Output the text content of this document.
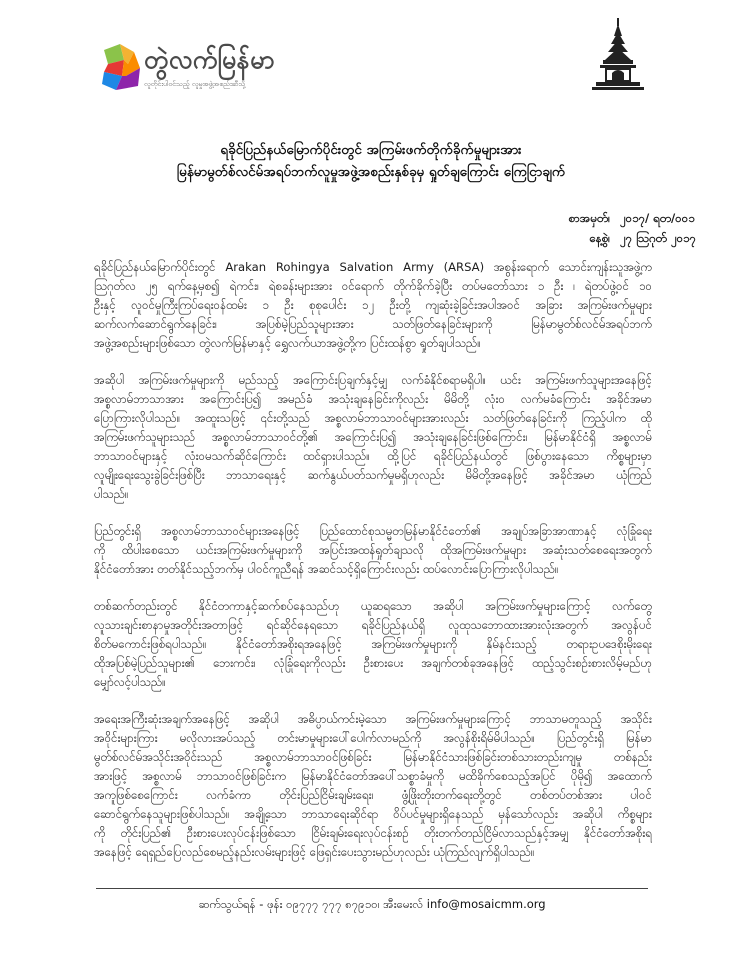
တွဲလက်မြန်မာ
လူတိုင်းပါဝင်သည့် လူမှုအဖွဲ့အစည်းဆီသို့
ရခိုင်ပြည်နယ်မြောက်ပိုင်းတွင် အကြမ်းဖက်တိုက်ခိုက်မှုများအား
မြန်မာမွတ်စ်လင်မ်အရပ်ဘက်လူမှုအဖွဲ့အစည်းနှစ်ခုမှ ရှုတ်ချကြောင်း ကြေငြာချက်
စာအမှတ်၊ ၂၀၁၇/ ရတ/၀၀၁
နေ့စွဲ၊ ၂၇ ဩဂုတ် ၂၀၁၇
ရခိုင်ပြည်နယ်မြောက်ပိုင်းတွင် Arakan Rohingya Salvation Army (ARSA) အစွန်းရောက် သောင်းကျန်းသူအဖွဲ့က
ဩဂုတ်လ ၂၅ ရက်နေ့မှစ၍ ရဲကင်း၊ ရဲစခန်းများအား ဝင်ရောက် တိုက်ခိုက်ခဲ့ပြီး တပ်မတော်သား ၁ ဦး ၊ ရဲတပ်ဖွဲ့ဝင် ၁၀
ဦးနှင့် လူဝင်မှုကြီးကြပ်ရေးဝန်ထမ်း ၁ ဦး စုစုပေါင်း ၁၂ ဦးတို့ ကျဆုံးခဲ့ခြင်းအပါအဝင် အခြား အကြမ်းဖက်မှုများ
ဆက်လက်ဆောင်ရွက်နေခြင်း၊ အပြစ်မဲ့ပြည်သူများအား သတ်ဖြတ်နေခြင်းများကို မြန်မာမွတ်စ်လင်မ်အရပ်ဘက်
အဖွဲ့အစည်းများဖြစ်သော တွဲလက်မြန်မာနှင့် ရွှေလက်ယာအဖွဲ့တို့က ပြင်းထန်စွာ ရှုတ်ချပါသည်။
အဆိုပါ အကြမ်းဖက်မှုများကို မည်သည့် အကြောင်းပြချက်နှင့်မျှ လက်ခံနိုင်စရာမရှိပါ။ ယင်း အကြမ်းဖက်သူများအနေဖြင့်
အစ္စလာမ်ဘာသာအား အကြောင်းပြ၍ အမည်ခံ အသုံးချနေခြင်းကိုလည်း မိမိတို့ လုံးဝ လက်မခံကြောင်း အခိုင်အမာ
ပြောကြားလိုပါသည်။ အထူးသဖြင့် ၎င်းတို့သည် အစ္စလာမ်ဘာသာဝင်များအားလည်း သတ်ဖြတ်နေခြင်းကို ကြည့်ပါက ထို
အကြမ်းဖက်သူများသည် အစ္စလာမ်ဘာသာဝင်တို့၏ အကြောင်းပြ၍ အသုံးချနေခြင်းဖြစ်ကြောင်း၊ မြန်မာနိုင်ငံရှိ အစ္စလာမ်
ဘာသာဝင်များနှင့် လုံးဝမသက်ဆိုင်ကြောင်း ထင်ရှားပါသည်။ ထို့ပြင် ရခိုင်ပြည်နယ်တွင် ဖြစ်ပွားနေသော ကိစ္စများမှာ
လူမျိုးရေးသွေးခွဲခြင်းဖြစ်ပြီး ဘာသာရေးနှင့် ဆက်နွယ်ပတ်သက်မှုမရှိဟုလည်း မိမိတို့အနေဖြင့် အခိုင်အမာ ယုံကြည်
ပါသည်။
ပြည်တွင်းရှိ အစ္စလာမ်ဘာသာဝင်များအနေဖြင့် ပြည်ထောင်စုသမ္မတမြန်မာနိုင်ငံတော်၏ အချုပ်အခြာအာဏာနှင့် လုံခြုံရေး
ကို ထိပါးစေသော ယင်းအကြမ်းဖက်မှုများကို အပြင်းအထန်ရှုတ်ချသလို ထိုအကြမ်းဖက်မှုများ အဆုံးသတ်စေရေးအတွက်
နိုင်ငံတော်အား တတ်နိုင်သည့်ဘက်မှ ပါဝင်ကူညီရန် အဆင်သင့်ရှိကြောင်းလည်း ထပ်လောင်းပြောကြားလိုပါသည်။
တစ်ဆက်တည်းတွင် နိုင်ငံတကာနှင့်ဆက်စပ်နေသည်ဟု ယူဆရသော အဆိုပါ အကြမ်းဖက်မှုများကြောင့် လက်တွေ့
လူသားချင်းစာနာမှုအတိုင်းအတာဖြင့် ရင်ဆိုင်နေရသော ရခိုင်ပြည်နယ်ရှိ လူထုသဘောထားအားလုံးအတွက် အလွန်ပင်
စိတ်မကောင်းဖြစ်ရပါသည်။ နိုင်ငံတော်အစိုးရအနေဖြင့် အကြမ်းဖက်မှုများကို နှိမ်နင်းသည့် တရားဥပဒေစိုးမိုးရေး
ထိုအပြစ်မဲ့ပြည်သူများ၏ ဘေးကင်း၊ လုံခြုံရေးကိုလည်း ဦးစားပေး အချက်တစ်ခုအနေဖြင့် ထည့်သွင်းစဉ်းစားလိမ့်မည်ဟု
မျှော်လင့်ပါသည်။
အရေးအကြီးဆုံးအချက်အနေဖြင့် အဆိုပါ အဓိပ္ပာယ်ကင်းမဲ့သော အကြမ်းဖက်မှုများကြောင့် ဘာသာမတူသည့် အသိုင်း
အဝိုင်းများကြား မလိုလားအပ်သည့် တင်းမာမှုများပေါ်ပေါက်လာမည်ကို အလွန်စိုးရိမ်မိပါသည်။ ပြည်တွင်းရှိ မြန်မာ
မွတ်စ်လင်မ်အသိုင်းအဝိုင်းသည် အစ္စလာမ်ဘာသာဝင်ဖြစ်ခြင်း မြန်မာနိုင်ငံသားဖြစ်ခြင်းတစ်သားတည်းကျမှု တစ်နည်း
အားဖြင့် အစ္စလာမ် ဘာသာဝင်ဖြစ်ခြင်းက မြန်မာနိုင်ငံတော်အပေါ်သစ္စာခံမှုကို မထိခိုက်စေသည့်အပြင် ပိုမို၍ အထောက်
အကူဖြစ်စေကြောင်း လက်ခံကာ တိုင်းပြည်ငြိမ်းချမ်းရေး၊ ဖွံ့ဖြိုးတိုးတက်ရေးတို့တွင် တစ်တပ်တစ်အား ပါဝင်
ဆောင်ရွက်နေသူများဖြစ်ပါသည်။ အချို့သော ဘာသာရေးဆိုင်ရာ ဝိပ်ပင်မှုများရှိနေသည် မှန်သော်လည်း အဆိုပါ ကိစ္စများ
ကို တိုင်းပြည်၏ ဦးစားပေးလုပ်ငန်းဖြစ်သော ငြိမ်းချမ်းရေးလုပ်ငန်းစဉ် တိုးတက်တည်ငြိမ်လာသည်နှင့်အမျှ နိုင်ငံတော်အစိုးရ
အနေဖြင့် ရေရှည်ပြေလည်စေမည့်နည်းလမ်းများဖြင့် ဖြေရှင်းပေးသွားမည်ဟုလည်း ယုံကြည်လျက်ရှိပါသည်။
ဆက်သွယ်ရန် - ဖုန်း ၀၉၇၇၇ ၇၇၇ ၈၇၉၁၀၊ အီးမေးလ် info@mosaicmm.org
